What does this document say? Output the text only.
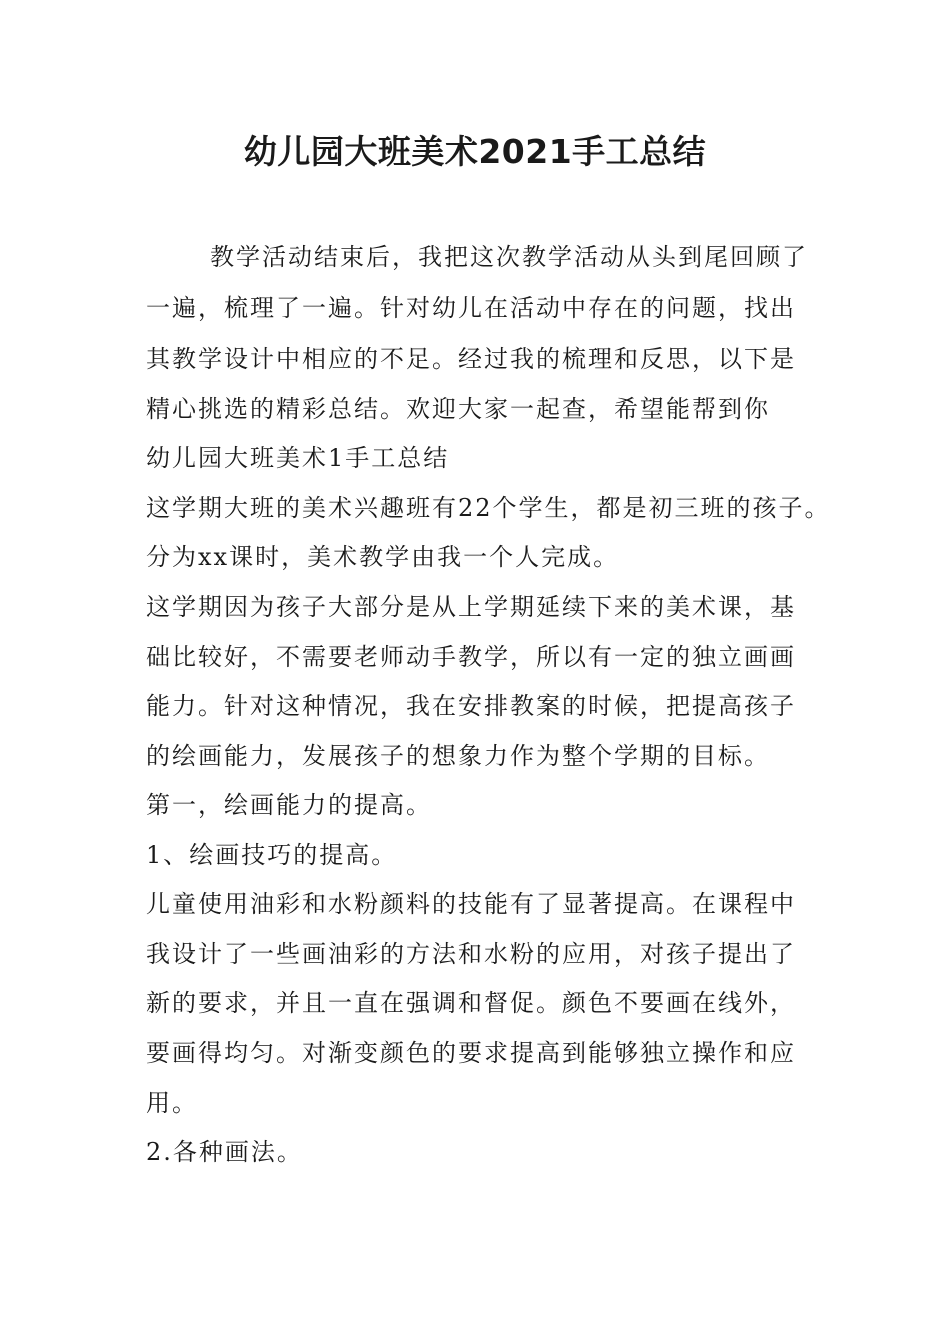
幼儿园大班美术2021手工总结

教学活动结束后，我把这次教学活动从头到尾回顾了

一遍，梳理了一遍。针对幼儿在活动中存在的问题，找出

其教学设计中相应的不足。经过我的梳理和反思，以下是

精心挑选的精彩总结。欢迎大家一起查，希望能帮到你

幼儿园大班美术1手工总结

这学期大班的美术兴趣班有22个学生，都是初三班的孩子。

分为xx课时，美术教学由我一个人完成。

这学期因为孩子大部分是从上学期延续下来的美术课，基

础比较好，不需要老师动手教学，所以有一定的独立画画

能力。针对这种情况，我在安排教案的时候，把提高孩子

的绘画能力，发展孩子的想象力作为整个学期的目标。

第一，绘画能力的提高。

1、绘画技巧的提高。

儿童使用油彩和水粉颜料的技能有了显著提高。在课程中

我设计了一些画油彩的方法和水粉的应用，对孩子提出了

新的要求，并且一直在强调和督促。颜色不要画在线外，

要画得均匀。对渐变颜色的要求提高到能够独立操作和应

用。

2.各种画法。
